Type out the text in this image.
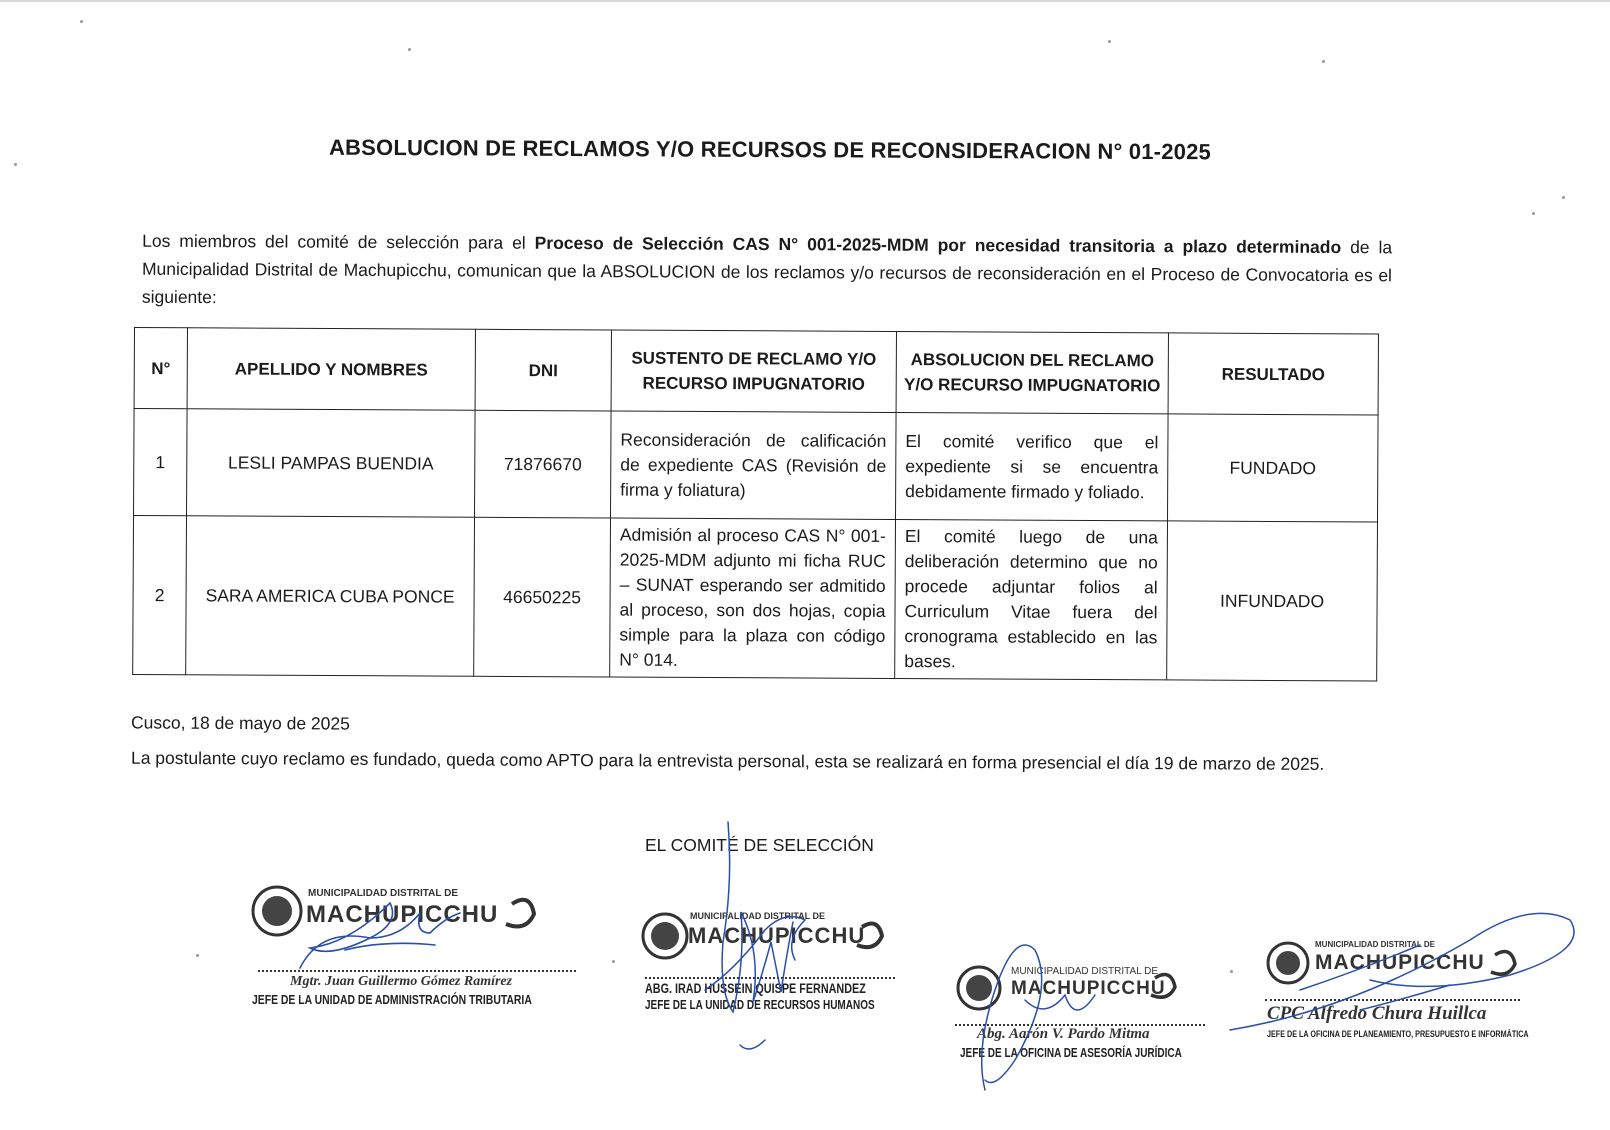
ABSOLUCION DE RECLAMOS Y/O RECURSOS DE RECONSIDERACION N° 01-2025
Los miembros del comité de selección para el Proceso de Selección CAS N° 001-2025-MDM por necesidad transitoria a plazo determinado de la Municipalidad Distrital de Machupicchu, comunican que la ABSOLUCION de los reclamos y/o recursos de reconsideración en el Proceso de Convocatoria es el siguiente:
N°	APELLIDO Y NOMBRES	DNI	SUSTENTO DE RECLAMO Y/O RECURSO IMPUGNATORIO	ABSOLUCION DEL RECLAMO Y/O RECURSO IMPUGNATORIO	RESULTADO
1	LESLI PAMPAS BUENDIA	71876670	Reconsideración de calificación de expediente CAS (Revisión de firma y foliatura)	El comité verifico que el expediente si se encuentra debidamente firmado y foliado.	FUNDADO
2	SARA AMERICA CUBA PONCE	46650225	Admisión al proceso CAS N° 001-2025-MDM adjunto mi ficha RUC – SUNAT esperando ser admitido al proceso, son dos hojas, copia simple para la plaza con código N° 014.	El comité luego de una deliberación determino que no procede adjuntar folios al Curriculum Vitae fuera del cronograma establecido en las bases.	INFUNDADO
Cusco, 18 de mayo de 2025
La postulante cuyo reclamo es fundado, queda como APTO para la entrevista personal, esta se realizará en forma presencial el día 19 de marzo de 2025.
EL COMITÉ DE SELECCIÓN
MUNICIPALIDAD DISTRITAL DE
MACHUPICCHU
Mgtr. Juan Guillermo Gómez Ramírez
JEFE DE LA UNIDAD DE ADMINISTRACIÓN TRIBUTARIA
MUNICIPALIDAD DISTRITAL DE
MACHUPICCHU
ABG. IRAD HUSSEIN QUISPE FERNANDEZ
JEFE DE LA UNIDAD DE RECURSOS HUMANOS
MUNICIPALIDAD DISTRITAL DE
MACHUPICCHU
Abg. Aarón V. Pardo Mitma
JEFE DE LA OFICINA DE ASESORÍA JURÍDICA
MUNICIPALIDAD DISTRITAL DE
MACHUPICCHU
CPC Alfredo Chura Huillca
JEFE DE LA OFICINA DE PLANEAMIENTO, PRESUPUESTO E INFORMÁTICA
